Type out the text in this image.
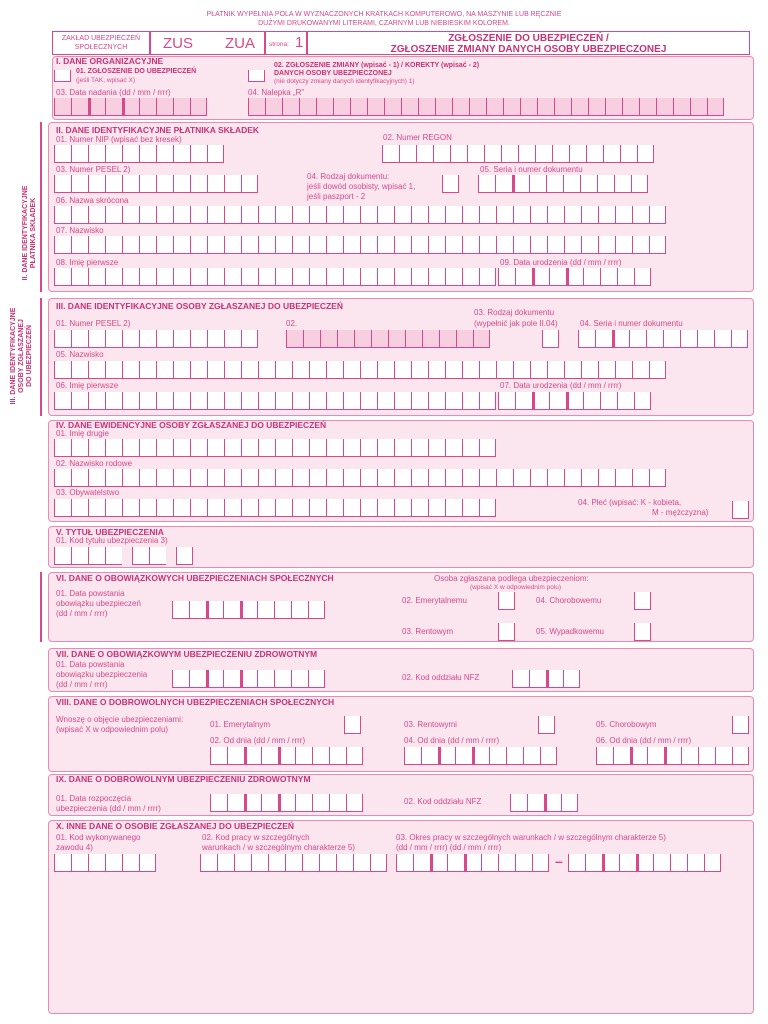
PŁATNIK WYPEŁNIA POLA W WYZNACZONYCH KRATKACH KOMPUTEROWO, NA MASZYNIE LUB RĘCZNIE
DUŻYMI DRUKOWANYMI LITERAMI, CZARNYM LUB NIEBIESKIM KOLOREM.
ZAKŁAD UBEZPIECZEŃ
SPOŁECZNYCH	ZUS ZUA strona: 1	ZGŁOSZENIE DO UBEZPIECZEŃ /
ZGŁOSZENIE ZMIANY DANYCH OSOBY UBEZPIECZONEJ
I. DANE ORGANIZACYJNE
01. ZGŁOSZENIE DO UBEZPIECZEŃ
(jeśli TAK, wpisać X)
02. ZGŁOSZENIE ZMIANY (wpisać - 1) / KOREKTY (wpisać - 2)
DANYCH OSOBY UBEZPIECZONEJ
(nie dotyczy zmiany danych identyfikacyjnych) 1)
03. Data nadania (dd / mm / rrrr)	04. Nalepka „R”
II. DANE IDENTYFIKACYJNE
PŁATNIKA SKŁADEK
II. DANE IDENTYFIKACYJNE PŁATNIKA SKŁADEK
01. Numer NIP (wpisać bez kresek)	02. Numer REGON
03. Numer PESEL 2)
04. Rodzaj dokumentu:
jeśli dowód osobisty, wpisać 1,
jeśli paszport - 2
05. Seria i numer dokumentu
06. Nazwa skrócona
07. Nazwisko
08. Imię pierwsze	09. Data urodzenia (dd / mm / rrrr)
III. DANE IDENTYFIKACYJNE
OSOBY ZGŁASZANEJ
DO UBEZPIECZEŃ
III. DANE IDENTYFIKACYJNE OSOBY ZGŁASZANEJ DO UBEZPIECZEŃ
01. Numer PESEL 2)	02.
03. Rodzaj dokumentu
(wypełnić jak pole II.04)	04. Seria i numer dokumentu
05. Nazwisko
06. Imię pierwsze	07. Data urodzenia (dd / mm / rrrr)
IV. DANE EWIDENCYJNE OSOBY ZGŁASZANEJ DO UBEZPIECZEŃ
01. Imię drugie
02. Nazwisko rodowe
03. Obywatelstwo
04. Płeć (wpisać: K - kobieta,
M - mężczyzna)
V. TYTUŁ UBEZPIECZENIA
01. Kod tytułu ubezpieczenia 3)
VI. DANE O OBOWIĄZKOWYCH UBEZPIECZENIACH SPOŁECZNYCH
01. Data powstania
obowiązku ubezpieczeń
(dd / mm / rrrr)
Osoba zgłaszana podlega ubezpieczeniom:
(wpisać X w odpowiednim polu)
02. Emerytalnemu	04. Chorobowemu
03. Rentowym	05. Wypadkowemu
VII. DANE O OBOWIĄZKOWYM UBEZPIECZENIU ZDROWOTNYM
01. Data powstania
obowiązku ubezpieczenia
(dd / mm / rrrr)
02. Kod oddziału NFZ
VIII. DANE O DOBROWOLNYCH UBEZPIECZENIACH SPOŁECZNYCH
Wnoszę o objęcie ubezpieczeniami:
(wpisać X w odpowiednim polu)
01. Emerytalnym
02. Od dnia (dd / mm / rrrr)
03. Rentowymi
04. Od dnia (dd / mm / rrrr)
05. Chorobowym
06. Od dnia (dd / mm / rrrr)
IX. DANE O DOBROWOLNYM UBEZPIECZENIU ZDROWOTNYM
01. Data rozpoczęcia
ubezpieczenia (dd / mm / rrrr)
02. Kod oddziału NFZ
X. INNE DANE O OSOBIE ZGŁASZANEJ DO UBEZPIECZEŃ
01. Kod wykonywanego
zawodu 4)
02. Kod pracy w szczególnych
warunkach / w szczególnym charakterze 5)
03. Okres pracy w szczególnych warunkach / w szczególnym charakterze 5)
(dd / mm / rrrr) (dd / mm / rrrr)
–
